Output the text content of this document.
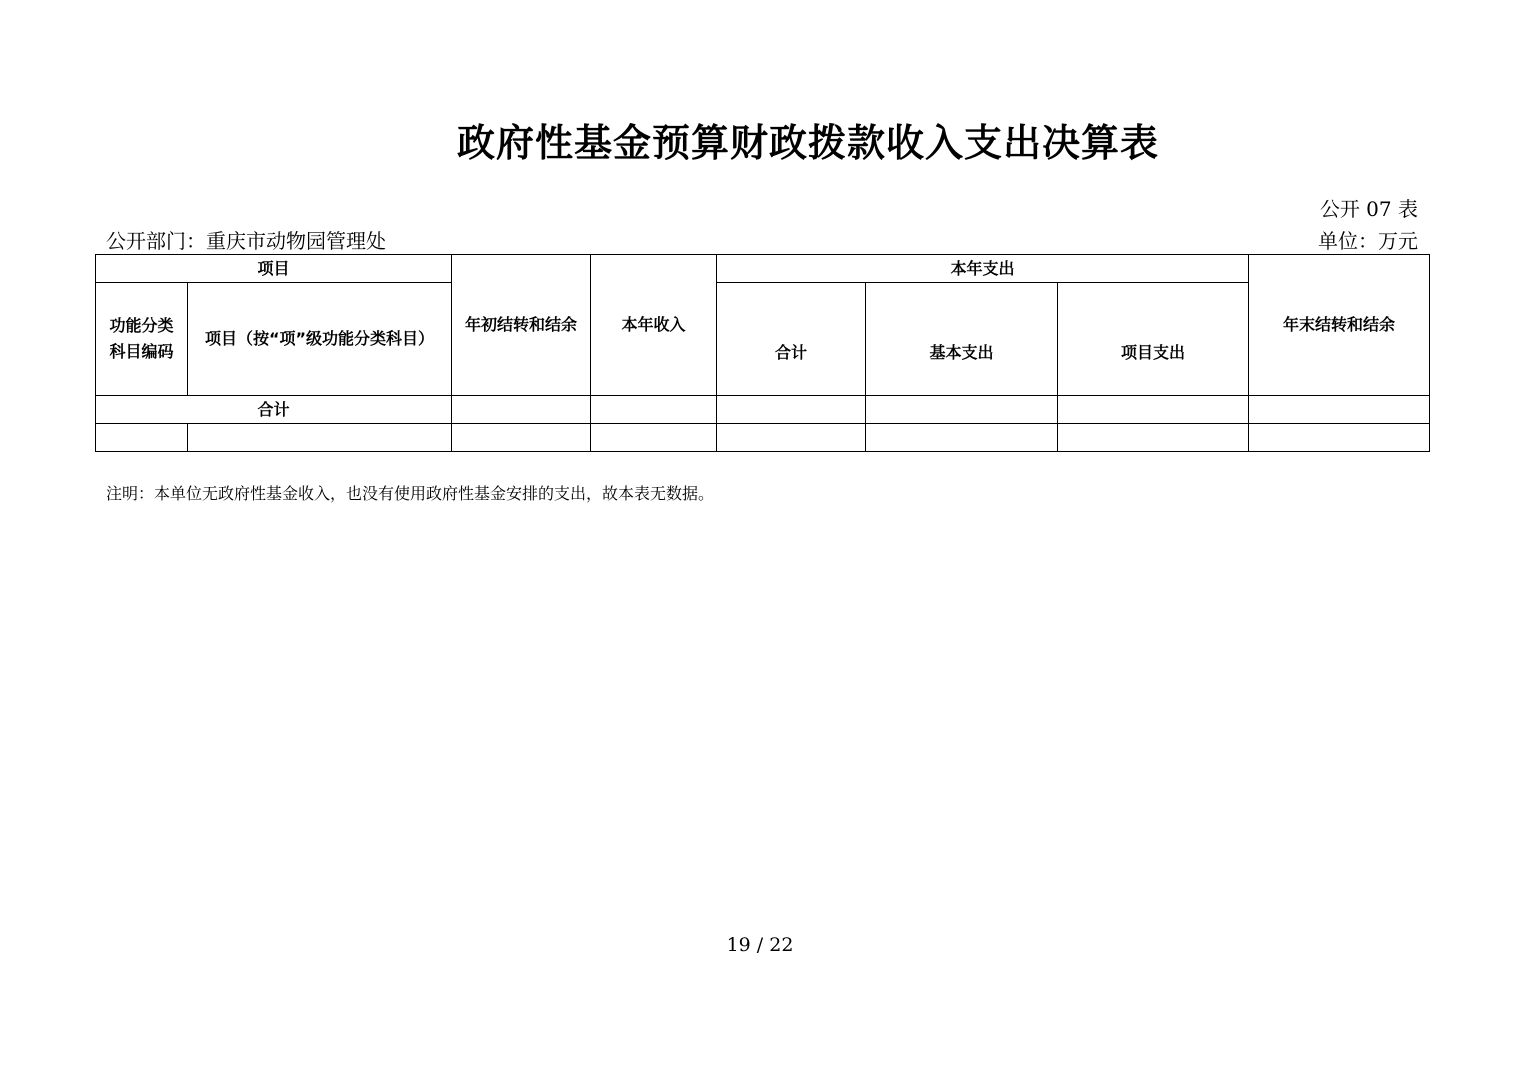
政府性基金预算财政拨款收入支出决算表
公开 07 表
公开部门：重庆市动物园管理处	单位：万元
项目		年初结转和结余	本年收入	本年支出			年末结转和结余
功能分类科目编码	项目（按“项”级功能分类科目）			合计	基本支出	项目支出	
合计							

注明：本单位无政府性基金收入，也没有使用政府性基金安排的支出，故本表无数据。
19 / 22
